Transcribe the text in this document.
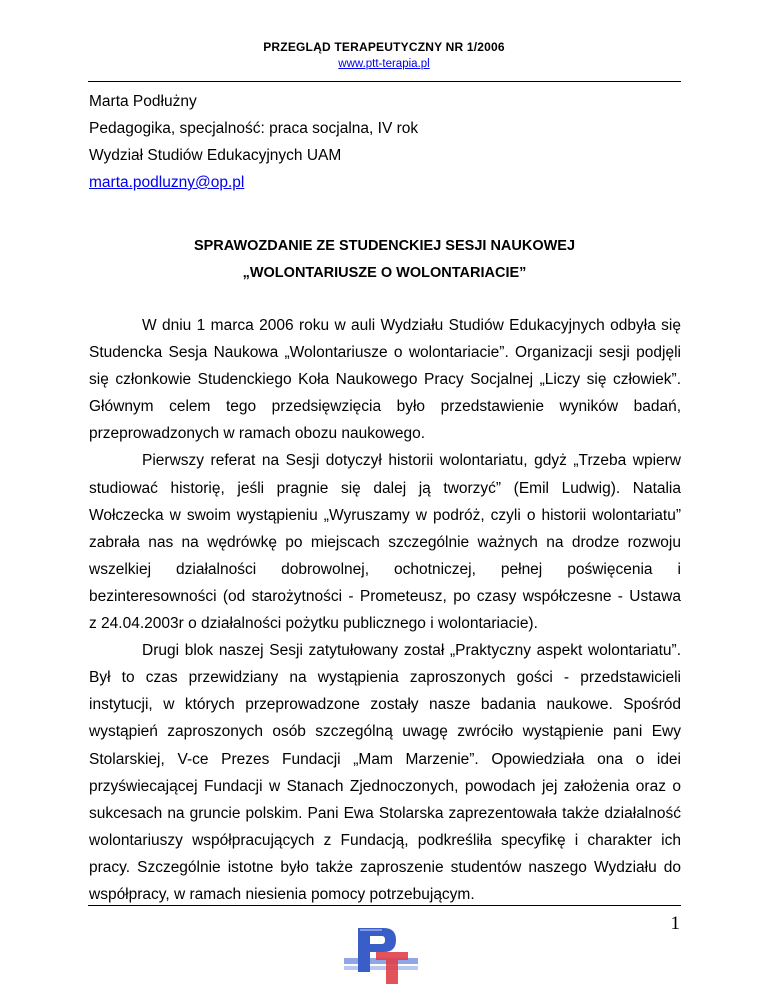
PRZEGLĄD TERAPEUTYCZNY NR 1/2006
www.ptt-terapia.pl
Marta Podłużny
Pedagogika, specjalność: praca socjalna, IV rok
Wydział Studiów Edukacyjnych UAM
marta.podluzny@op.pl
SPRAWOZDANIE ZE STUDENCKIEJ SESJI NAUKOWEJ
„WOLONTARIUSZE O WOLONTARIACIE”
W dniu 1 marca 2006 roku w auli Wydziału Studiów Edukacyjnych odbyła się
Studencka Sesja Naukowa „Wolontariusze o wolontariacie”. Organizacji sesji podjęli
się członkowie Studenckiego Koła Naukowego Pracy Socjalnej „Liczy się człowiek”.
Głównym celem tego przedsięwzięcia było przedstawienie wyników badań,
przeprowadzonych w ramach obozu naukowego.
Pierwszy referat na Sesji dotyczył historii wolontariatu, gdyż „Trzeba wpierw
studiować historię, jeśli pragnie się dalej ją tworzyć” (Emil Ludwig). Natalia
Wołczecka w swoim wystąpieniu „Wyruszamy w podróż, czyli o historii wolontariatu”
zabrała nas na wędrówkę po miejscach szczególnie ważnych na drodze rozwoju
wszelkiej działalności dobrowolnej, ochotniczej, pełnej poświęcenia i
bezinteresowności (od starożytności - Prometeusz, po czasy współczesne - Ustawa
z 24.04.2003r o działalności pożytku publicznego i wolontariacie).
Drugi blok naszej Sesji zatytułowany został „Praktyczny aspekt wolontariatu”.
Był to czas przewidziany na wystąpienia zaproszonych gości - przedstawicieli
instytucji, w których przeprowadzone zostały nasze badania naukowe. Spośród
wystąpień zaproszonych osób szczególną uwagę zwróciło wystąpienie pani Ewy
Stolarskiej, V-ce Prezes Fundacji „Mam Marzenie”. Opowiedziała ona o idei
przyświecającej Fundacji w Stanach Zjednoczonych, powodach jej założenia oraz o
sukcesach na gruncie polskim. Pani Ewa Stolarska zaprezentowała także działalność
wolontariuszy współpracujących z Fundacją, podkreśliła specyfikę i charakter ich
pracy. Szczególnie istotne było także zaproszenie studentów naszego Wydziału do
współpracy, w ramach niesienia pomocy potrzebującym.
1
